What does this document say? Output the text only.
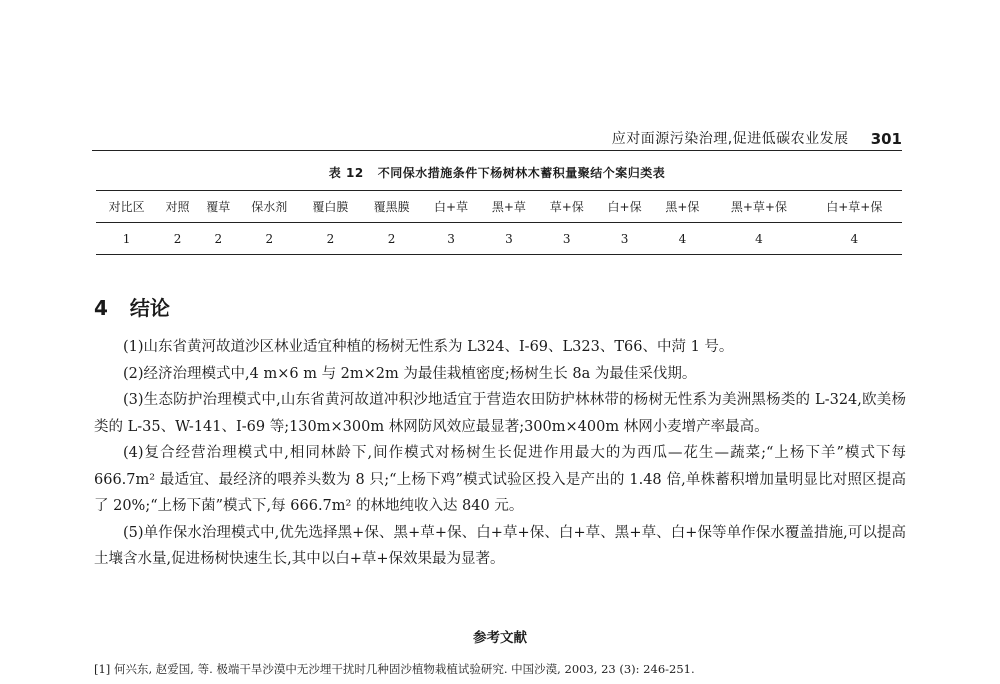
应对面源污染治理,促进低碳农业发展 301
表 12 不同保水措施条件下杨树林木蓄积量聚结个案归类表
对比区	对照	覆草	保水剂	覆白膜	覆黑膜	白+草	黑+草	草+保	白+保	黑+保	黑+草+保	白+草+保
1	2	2	2	2	2	3	3	3	3	4	4	4
4 结论

(1)山东省黄河故道沙区林业适宜种植的杨树无性系为 L324、I-69、L323、T66、中菏 1 号。

(2)经济治理模式中,4 m×6 m 与 2m×2m 为最佳栽植密度;杨树生长 8a 为最佳采伐期。

(3)生态防护治理模式中,山东省黄河故道冲积沙地适宜于营造农田防护林林带的杨树无性系为美洲黑杨类的 L-324,欧美杨类的 L-35、W-141、I-69 等;130m×300m 林网防风效应最显著;300m×400m 林网小麦增产率最高。

(4)复合经营治理模式中,相同林龄下,间作模式对杨树生长促进作用最大的为西瓜—花生—蔬菜;“上杨下羊”模式下每 666.7m² 最适宜、最经济的喂养头数为 8 只;“上杨下鸡”模式试验区投入是产出的 1.48 倍,单株蓄积增加量明显比对照区提高了 20%;“上杨下菌”模式下,每 666.7m² 的林地纯收入达 840 元。

(5)单作保水治理模式中,优先选择黑+保、黑+草+保、白+草+保、白+草、黑+草、白+保等单作保水覆盖措施,可以提高土壤含水量,促进杨树快速生长,其中以白+草+保效果最为显著。

参考文献
[1] 何兴东, 赵爱国, 等. 极端干旱沙漠中无沙埋干扰时几种固沙植物栽植试验研究. 中国沙漠, 2003, 23 (3): 246-251.
